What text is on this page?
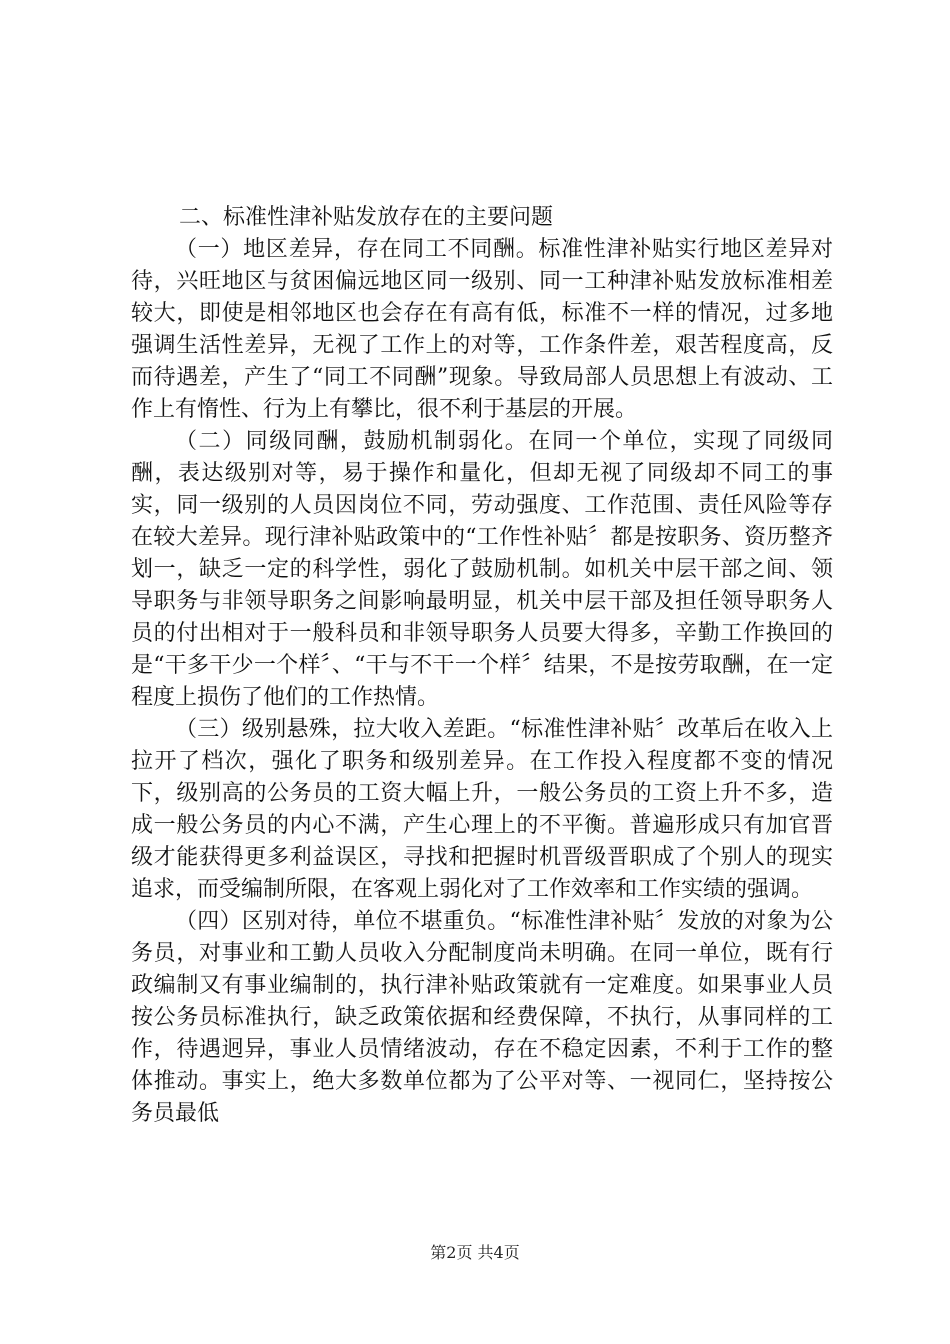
二、标准性津补贴发放存在的主要问题

（一）地区差异，存在同工不同酬。标准性津补贴实行地区差异对待，兴旺地区与贫困偏远地区同一级别、同一工种津补贴发放标准相差较大，即使是相邻地区也会存在有高有低，标准不一样的情况，过多地强调生活性差异，无视了工作上的对等，工作条件差，艰苦程度高，反而待遇差，产生了“同工不同酬”现象。导致局部人员思想上有波动、工作上有惰性、行为上有攀比，很不利于基层的开展。

（二）同级同酬，鼓励机制弱化。在同一个单位，实现了同级同酬，表达级别对等，易于操作和量化，但却无视了同级却不同工的事实，同一级别的人员因岗位不同，劳动强度、工作范围、责任风险等存在较大差异。现行津补贴政策中的“工作性补贴〞都是按职务、资历整齐划一，缺乏一定的科学性，弱化了鼓励机制。如机关中层干部之间、领导职务与非领导职务之间影响最明显，机关中层干部及担任领导职务人员的付出相对于一般科员和非领导职务人员要大得多，辛勤工作换回的是“干多干少一个样〞、“干与不干一个样〞结果，不是按劳取酬，在一定程度上损伤了他们的工作热情。

（三）级别悬殊，拉大收入差距。“标准性津补贴〞改革后在收入上拉开了档次，强化了职务和级别差异。在工作投入程度都不变的情况下，级别高的公务员的工资大幅上升，一般公务员的工资上升不多，造成一般公务员的内心不满，产生心理上的不平衡。普遍形成只有加官晋级才能获得更多利益误区，寻找和把握时机晋级晋职成了个别人的现实追求，而受编制所限，在客观上弱化对了工作效率和工作实绩的强调。

（四）区别对待，单位不堪重负。“标准性津补贴〞发放的对象为公务员，对事业和工勤人员收入分配制度尚未明确。在同一单位，既有行政编制又有事业编制的，执行津补贴政策就有一定难度。如果事业人员按公务员标准执行，缺乏政策依据和经费保障，不执行，从事同样的工作，待遇迥异，事业人员情绪波动，存在不稳定因素，不利于工作的整体推动。事实上，绝大多数单位都为了公平对等、一视同仁，坚持按公务员最低

第2页 共4页
